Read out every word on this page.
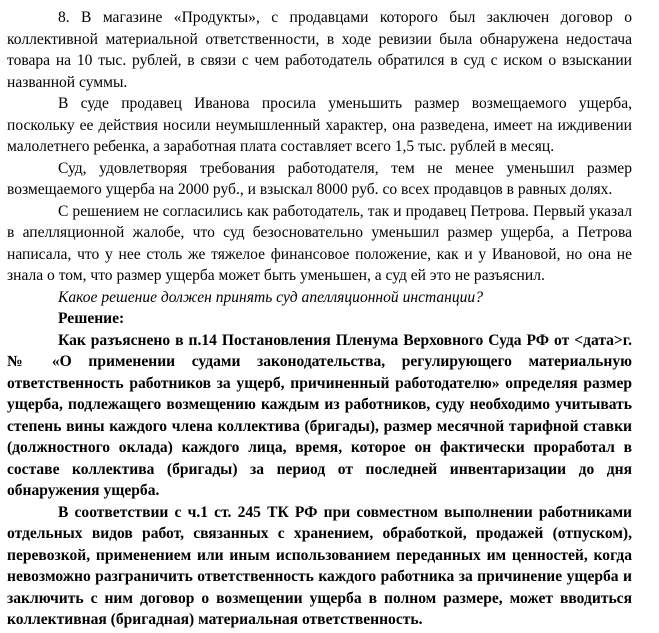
8. В магазине «Продукты», с продавцами которого был заключен договор о коллективной материальной ответственности, в ходе ревизии была обнаружена недостача товара на 10 тыс. рублей, в связи с чем работодатель обратился в суд с иском о взыскании названной суммы.

В суде продавец Иванова просила уменьшить размер возмещаемого ущерба, поскольку ее действия носили неумышленный характер, она разведена, имеет на иждивении малолетнего ребенка, а заработная плата составляет всего 1,5 тыс. рублей в месяц.

Суд, удовлетворяя требования работодателя, тем не менее уменьшил размер возмещаемого ущерба на 2000 руб., и взыскал 8000 руб. со всех продавцов в равных долях.

С решением не согласились как работодатель, так и продавец Петрова. Первый указал в апелляционной жалобе, что суд безосновательно уменьшил размер ущерба, а Петрова написала, что у нее столь же тяжелое финансовое положение, как и у Ивановой, но она не знала о том, что размер ущерба может быть уменьшен, а суд ей это не разъяснил.

Какое решение должен принять суд апелляционной инстанции?

Решение:

Как разъяснено в п.14 Постановления Пленума Верховного Суда РФ от <дата>г. № «О применении судами законодательства, регулирующего материальную ответственность работников за ущерб, причиненный работодателю» определяя размер ущерба, подлежащего возмещению каждым из работников, суду необходимо учитывать степень вины каждого члена коллектива (бригады), размер месячной тарифной ставки (должностного оклада) каждого лица, время, которое он фактически проработал в составе коллектива (бригады) за период от последней инвентаризации до дня обнаружения ущерба.

В соответствии с ч.1 ст. 245 ТК РФ при совместном выполнении работниками отдельных видов работ, связанных с хранением, обработкой, продажей (отпуском), перевозкой, применением или иным использованием переданных им ценностей, когда невозможно разграничить ответственность каждого работника за причинение ущерба и заключить с ним договор о возмещении ущерба в полном размере, может вводиться коллективная (бригадная) материальная ответственность.
